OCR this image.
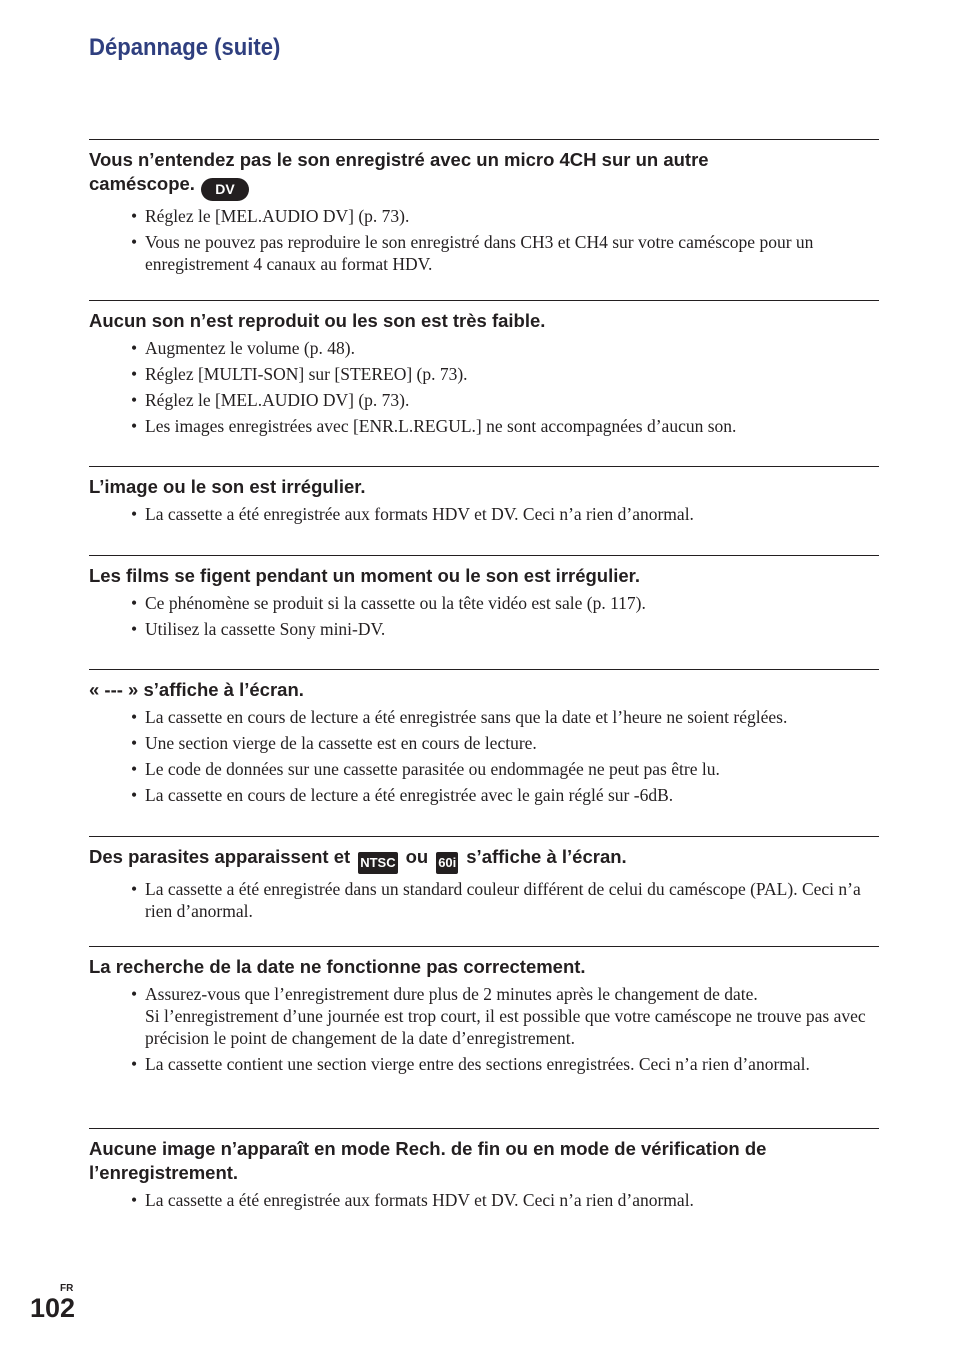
Dépannage (suite)

Vous n’entendez pas le son enregistré avec un micro 4CH sur un autre caméscope. DV

• Réglez le [MEL.AUDIO DV] (p. 73).
• Vous ne pouvez pas reproduire le son enregistré dans CH3 et CH4 sur votre caméscope pour un enregistrement 4 canaux au format HDV.

Aucun son n’est reproduit ou les son est très faible.

• Augmentez le volume (p. 48).
• Réglez [MULTI-SON] sur [STEREO] (p. 73).
• Réglez le [MEL.AUDIO DV] (p. 73).
• Les images enregistrées avec [ENR.L.REGUL.] ne sont accompagnées d’aucun son.

L’image ou le son est irrégulier.

• La cassette a été enregistrée aux formats HDV et DV. Ceci n’a rien d’anormal.

Les films se figent pendant un moment ou le son est irrégulier.

• Ce phénomène se produit si la cassette ou la tête vidéo est sale (p. 117).
• Utilisez la cassette Sony mini-DV.

« --- » s’affiche à l’écran.

• La cassette en cours de lecture a été enregistrée sans que la date et l’heure ne soient réglées.
• Une section vierge de la cassette est en cours de lecture.
• Le code de données sur une cassette parasitée ou endommagée ne peut pas être lu.
• La cassette en cours de lecture a été enregistrée avec le gain réglé sur -6dB.

Des parasites apparaissent et NTSC ou 60i s’affiche à l’écran.

• La cassette a été enregistrée dans un standard couleur différent de celui du caméscope (PAL). Ceci n’a rien d’anormal.

La recherche de la date ne fonctionne pas correctement.

• Assurez-vous que l’enregistrement dure plus de 2 minutes après le changement de date.
Si l’enregistrement d’une journée est trop court, il est possible que votre caméscope ne trouve pas avec précision le point de changement de la date d’enregistrement.
• La cassette contient une section vierge entre des sections enregistrées. Ceci n’a rien d’anormal.

Aucune image n’apparaît en mode Rech. de fin ou en mode de vérification de l’enregistrement.

• La cassette a été enregistrée aux formats HDV et DV. Ceci n’a rien d’anormal.
FR
102
